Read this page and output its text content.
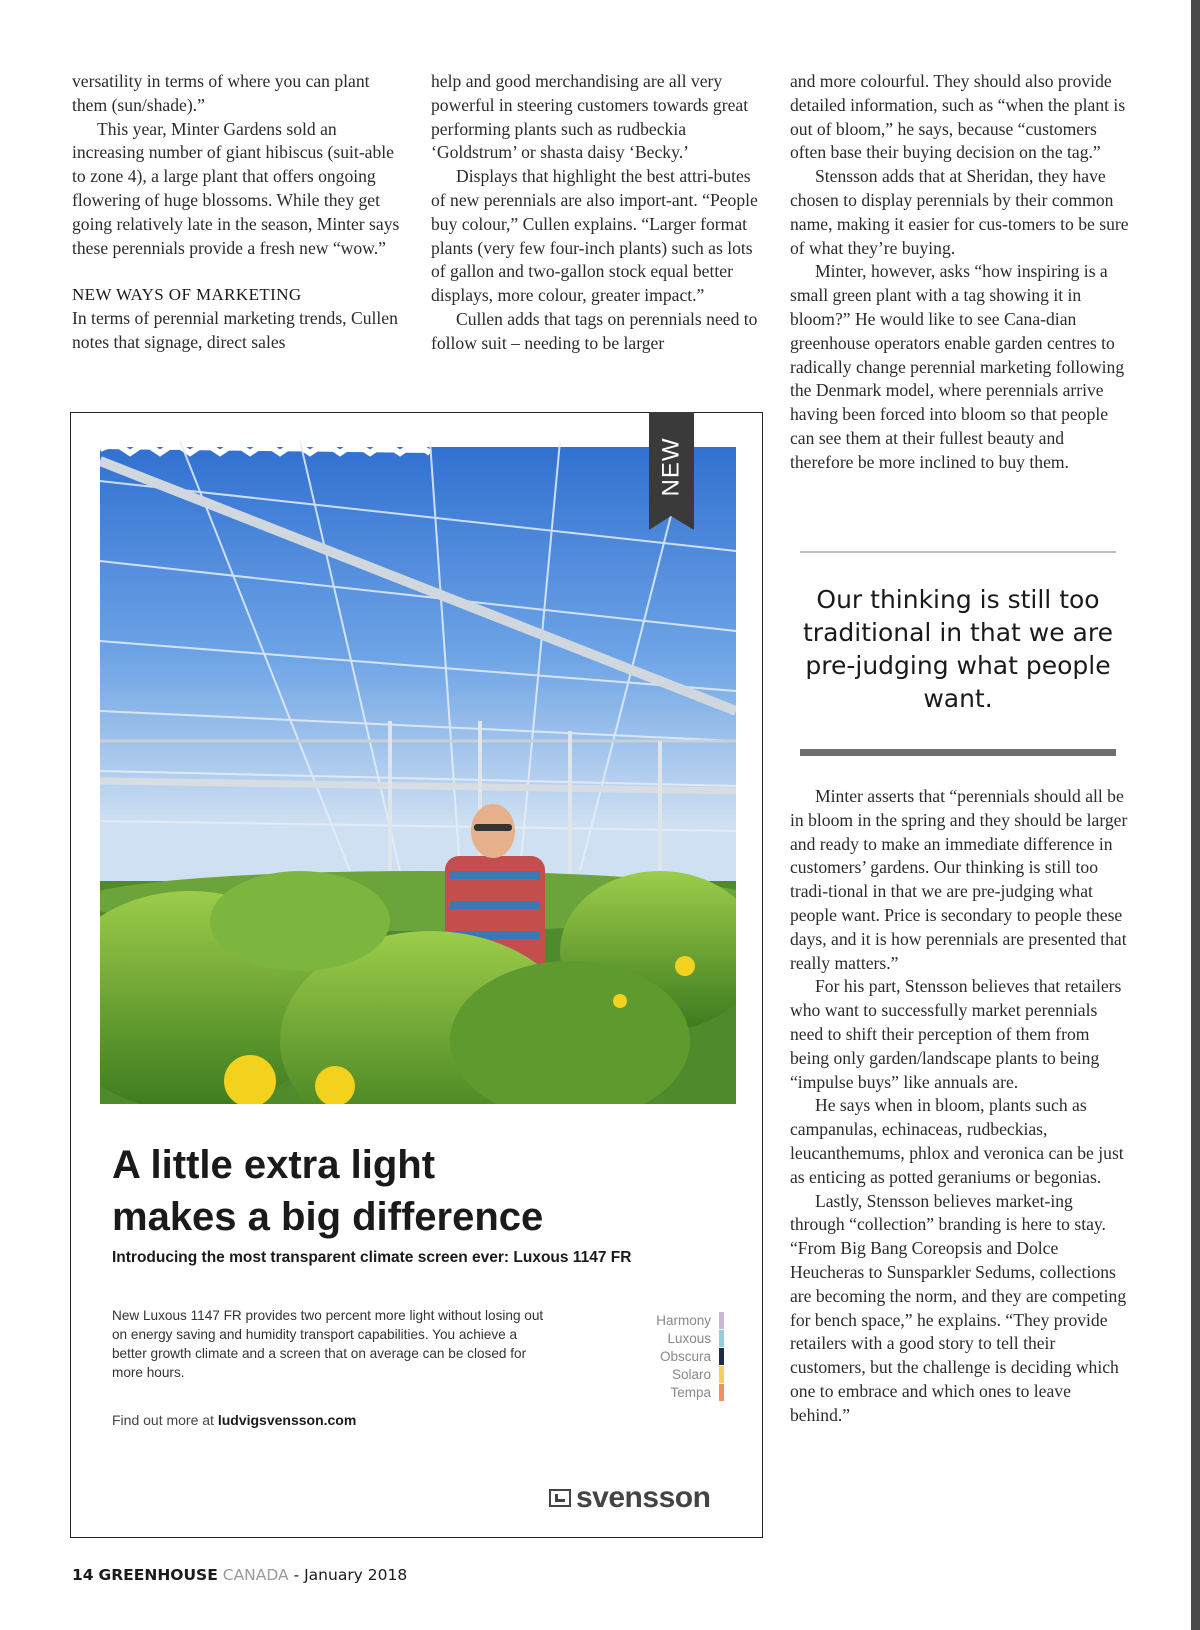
versatility in terms of where you can plant them (sun/shade).”

This year, Minter Gardens sold an increasing number of giant hibiscus (suit-able to zone 4), a large plant that offers ongoing flowering of huge blossoms. While they get going relatively late in the season, Minter says these perennials provide a fresh new “wow.”

NEW WAYS OF MARKETING

In terms of perennial marketing trends, Cullen notes that signage, direct sales

help and good merchandising are all very powerful in steering customers towards great performing plants such as rudbeckia ‘Goldstrum’ or shasta daisy ‘Becky.’

Displays that highlight the best attri-butes of new perennials are also import-ant. “People buy colour,” Cullen explains. “Larger format plants (very few four-inch plants) such as lots of gallon and two-gallon stock equal better displays, more colour, greater impact.”

Cullen adds that tags on perennials need to follow suit – needing to be larger

and more colourful. They should also provide detailed information, such as “when the plant is out of bloom,” he says, because “customers often base their buying decision on the tag.”

Stensson adds that at Sheridan, they have chosen to display perennials by their common name, making it easier for cus-tomers to be sure of what they’re buying.

Minter, however, asks “how inspiring is a small green plant with a tag showing it in bloom?” He would like to see Cana-dian greenhouse operators enable garden centres to radically change perennial marketing following the Denmark model, where perennials arrive having been forced into bloom so that people can see them at their fullest beauty and therefore be more inclined to buy them.

Our thinking is still too traditional in that we are pre-judging what people want.

Minter asserts that “perennials should all be in bloom in the spring and they should be larger and ready to make an immediate difference in customers’ gardens. Our thinking is still too tradi-tional in that we are pre-judging what people want. Price is secondary to people these days, and it is how perennials are presented that really matters.”

For his part, Stensson believes that retailers who want to successfully market perennials need to shift their perception of them from being only garden/landscape plants to being “impulse buys” like annuals are.

He says when in bloom, plants such as campanulas, echinaceas, rudbeckias, leucanthemums, phlox and veronica can be just as enticing as potted geraniums or begonias.

Lastly, Stensson believes market-ing through “collection” branding is here to stay. “From Big Bang Coreopsis and Dolce Heucheras to Sunsparkler Sedums, collections are becoming the norm, and they are competing for bench space,” he explains. “They provide retailers with a good story to tell their customers, but the challenge is deciding which one to embrace and which ones to leave behind.”

NEW
A little extra light
makes a big difference
Introducing the most transparent climate screen ever: Luxous 1147 FR
New Luxous 1147 FR provides two percent more light without losing out on energy saving and humidity transport capabilities. You achieve a better growth climate and a screen that on average can be closed for more hours.
Find out more at ludvigsvensson.com
Harmony
Luxous
Obscura
Solaro
Tempa
svensson
14 GREENHOUSE CANADA - January 2018
